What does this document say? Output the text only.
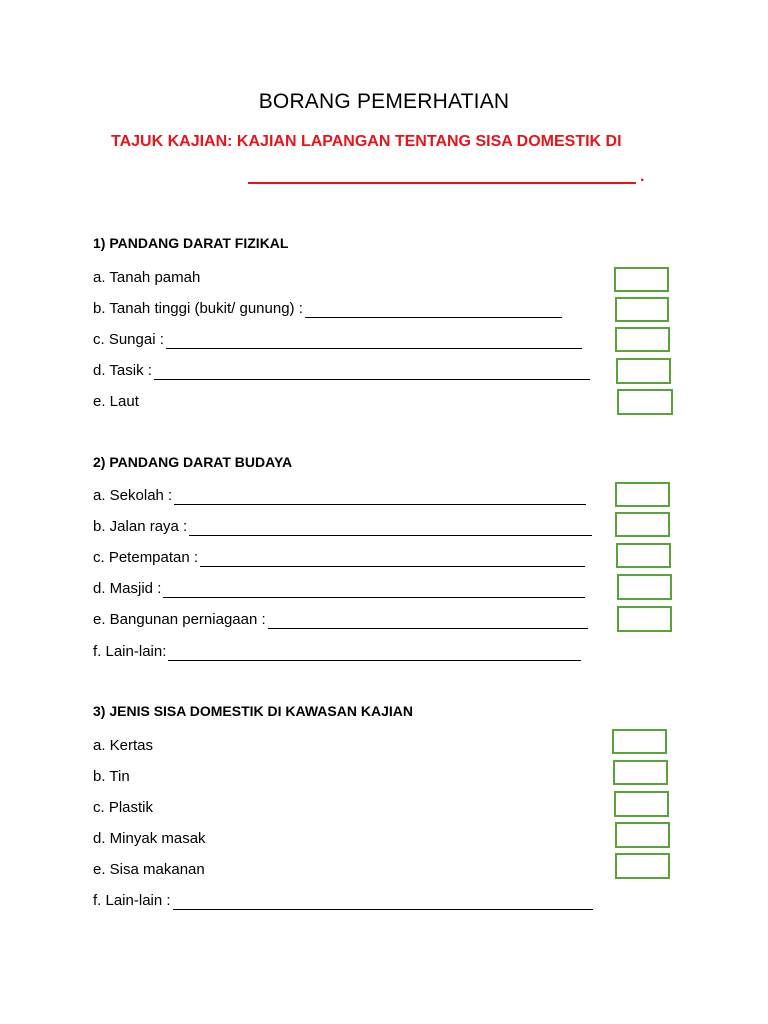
BORANG PEMERHATIAN
TAJUK KAJIAN: KAJIAN LAPANGAN TENTANG SISA DOMESTIK DI
.
1) PANDANG DARAT FIZIKAL
a. Tanah pamah
b. Tanah tinggi (bukit/ gunung) :
c. Sungai :
d. Tasik :
e. Laut
2) PANDANG DARAT BUDAYA
a. Sekolah :
b. Jalan raya :
c. Petempatan :
d. Masjid :
e. Bangunan perniagaan :
f. Lain-lain:
3) JENIS SISA DOMESTIK DI KAWASAN KAJIAN
a. Kertas
b. Tin
c. Plastik
d. Minyak masak
e. Sisa makanan
f. Lain-lain :
